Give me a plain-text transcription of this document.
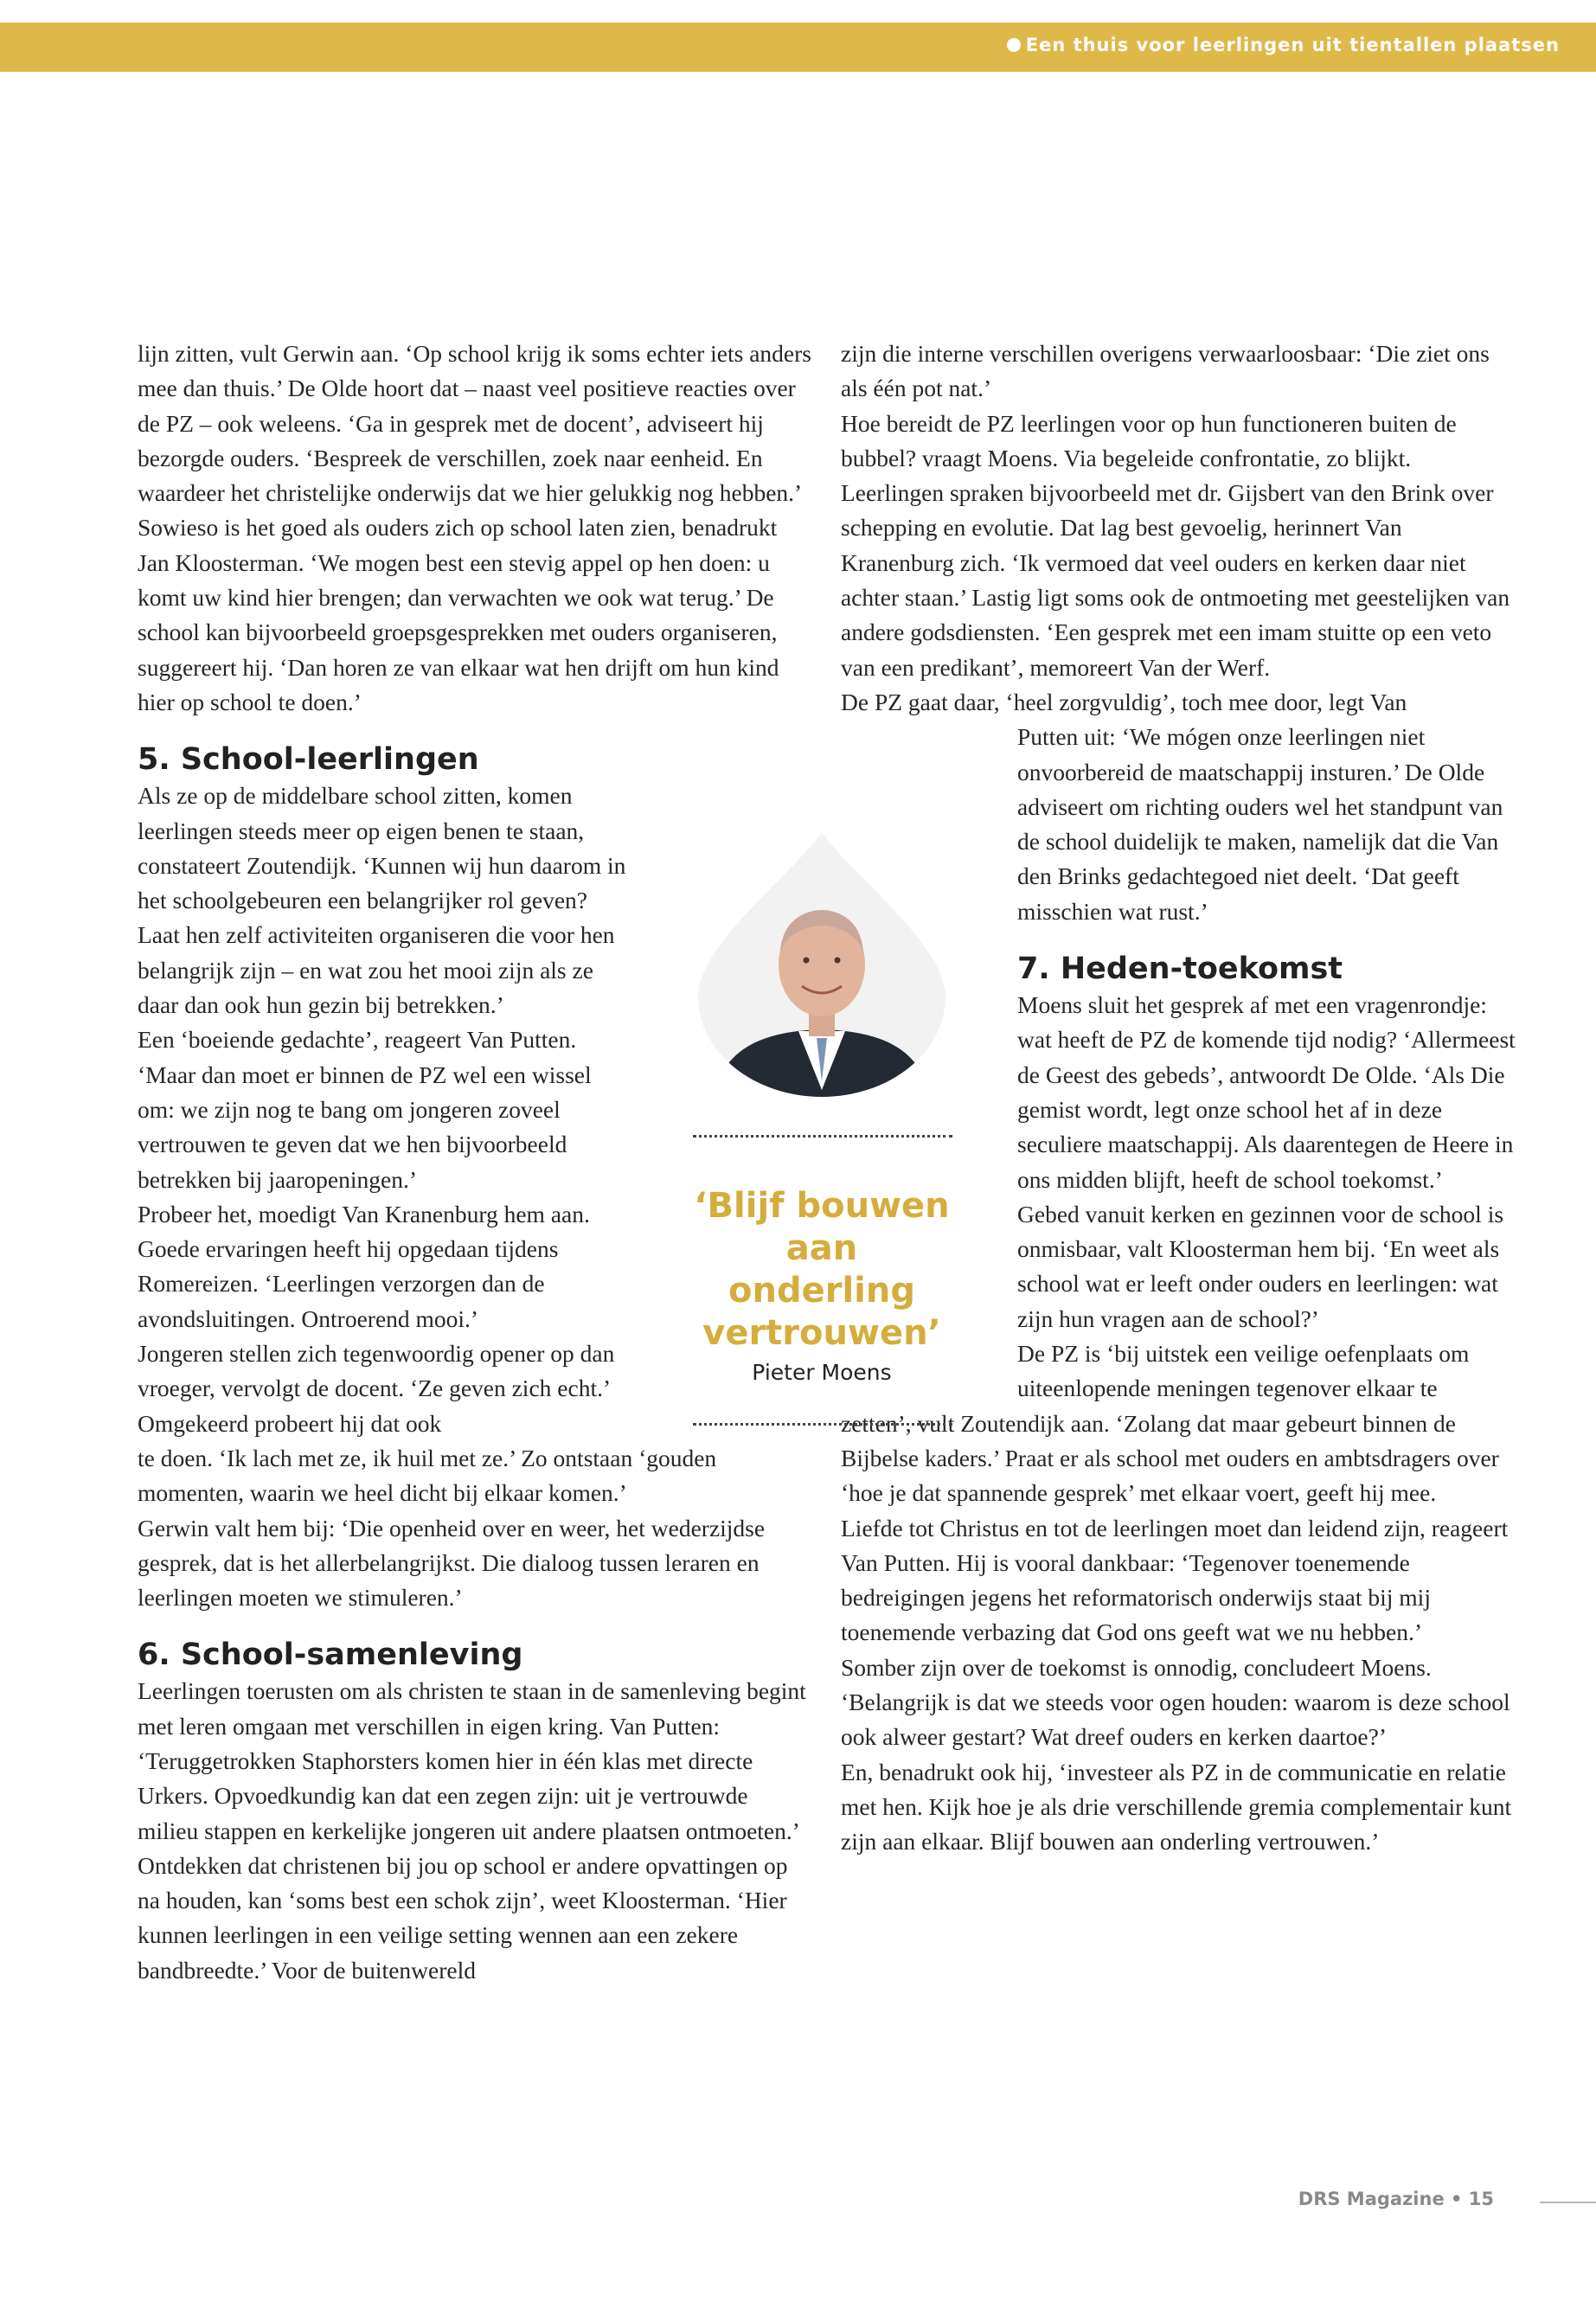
Een thuis voor leerlingen uit tientallen plaatsen

lijn zitten, vult Gerwin aan. ‘Op school krijg ik soms echter iets anders mee dan thuis.’ De Olde hoort dat – naast veel positieve reacties over de PZ – ook weleens. ‘Ga in gesprek met de docent’, adviseert hij bezorgde ouders. ‘Bespreek de verschillen, zoek naar eenheid. En waardeer het christelijke onderwijs dat we hier gelukkig nog hebben.’

Sowieso is het goed als ouders zich op school laten zien, benadrukt Jan Kloosterman. ‘We mogen best een stevig appel op hen doen: u komt uw kind hier brengen; dan verwachten we ook wat terug.’ De school kan bijvoorbeeld groepsgesprekken met ouders organiseren, suggereert hij. ‘Dan horen ze van elkaar wat hen drijft om hun kind hier op school te doen.’

5. School-leerlingen

Als ze op de middelbare school zitten, komen leerlingen steeds meer op eigen benen te staan, constateert Zoutendijk. ‘Kunnen wij hun daarom in het schoolgebeuren een belangrijker rol geven? Laat hen zelf activiteiten organiseren die voor hen belangrijk zijn – en wat zou het mooi zijn als ze daar dan ook hun gezin bij betrekken.’

Een ‘boeiende gedachte’, reageert Van Putten. ‘Maar dan moet er binnen de PZ wel een wissel om: we zijn nog te bang om jongeren zoveel vertrouwen te geven dat we hen bijvoorbeeld betrekken bij jaaropeningen.’

Probeer het, moedigt Van Kranenburg hem aan. Goede ervaringen heeft hij opgedaan tijdens Romereizen. ‘Leerlingen verzorgen dan de avondsluitingen. Ontroerend mooi.’

Jongeren stellen zich tegenwoordig opener op dan vroeger, vervolgt de docent. ‘Ze geven zich echt.’ Omgekeerd probeert hij dat ook

te doen. ‘Ik lach met ze, ik huil met ze.’ Zo ontstaan ‘gouden momenten, waarin we heel dicht bij elkaar komen.’

Gerwin valt hem bij: ‘Die openheid over en weer, het wederzijdse gesprek, dat is het allerbelangrijkst. Die dialoog tussen leraren en leerlingen moeten we stimuleren.’

6. School-samenleving

Leerlingen toerusten om als christen te staan in de samenleving begint met leren omgaan met verschillen in eigen kring. Van Putten: ‘Teruggetrokken Staphorsters komen hier in één klas met directe Urkers. Opvoedkundig kan dat een zegen zijn: uit je vertrouwde milieu stappen en kerkelijke jongeren uit andere plaatsen ontmoeten.’

Ontdekken dat christenen bij jou op school er andere opvattingen op na houden, kan ‘soms best een schok zijn’, weet Kloosterman. ‘Hier kunnen leerlingen in een veilige setting wennen aan een zekere bandbreedte.’ Voor de buitenwereld

zijn die interne verschillen overigens verwaarloosbaar: ‘Die ziet ons als één pot nat.’

Hoe bereidt de PZ leerlingen voor op hun functioneren buiten de bubbel? vraagt Moens. Via begeleide confrontatie, zo blijkt. Leerlingen spraken bijvoorbeeld met dr. Gijsbert van den Brink over schepping en evolutie. Dat lag best gevoelig, herinnert Van Kranenburg zich. ‘Ik vermoed dat veel ouders en kerken daar niet achter staan.’ Lastig ligt soms ook de ontmoeting met geestelijken van andere godsdiensten. ‘Een gesprek met een imam stuitte op een veto van een predikant’, memoreert Van der Werf.

De PZ gaat daar, ‘heel zorgvuldig’, toch mee door, legt Van

Putten uit: ‘We mógen onze leerlingen niet onvoorbereid de maatschappij insturen.’ De Olde adviseert om richting ouders wel het standpunt van de school duidelijk te maken, namelijk dat die Van den Brinks gedachtegoed niet deelt. ‘Dat geeft misschien wat rust.’

7. Heden-toekomst

Moens sluit het gesprek af met een vragenrondje: wat heeft de PZ de komende tijd nodig? ‘Allermeest de Geest des gebeds’, antwoordt De Olde. ‘Als Die gemist wordt, legt onze school het af in deze seculiere maatschappij. Als daarentegen de Heere in ons midden blijft, heeft de school toekomst.’

Gebed vanuit kerken en gezinnen voor de school is onmisbaar, valt Kloosterman hem bij. ‘En weet als school wat er leeft onder ouders en leerlingen: wat zijn hun vragen aan de school?’

De PZ is ‘bij uitstek een veilige oefenplaats om uiteenlopende meningen tegenover elkaar te

zetten’, vult Zoutendijk aan. ‘Zolang dat maar gebeurt binnen de Bijbelse kaders.’ Praat er als school met ouders en ambtsdragers over ‘hoe je dat spannende gesprek’ met elkaar voert, geeft hij mee.

Liefde tot Christus en tot de leerlingen moet dan leidend zijn, reageert Van Putten. Hij is vooral dankbaar: ‘Tegenover toenemende bedreigingen jegens het reformatorisch onderwijs staat bij mij toenemende verbazing dat God ons geeft wat we nu hebben.’

Somber zijn over de toekomst is onnodig, concludeert Moens. ‘Belangrijk is dat we steeds voor ogen houden: waarom is deze school ook alweer gestart? Wat dreef ouders en kerken daartoe?’

En, benadrukt ook hij, ‘investeer als PZ in de communicatie en relatie met hen. Kijk hoe je als drie verschillende gremia complementair kunt zijn aan elkaar. Blijf bouwen aan onderling vertrouwen.’

‘Blijf bouwen aan onderling vertrouwen’
Pieter Moens
DRS Magazine • 15
